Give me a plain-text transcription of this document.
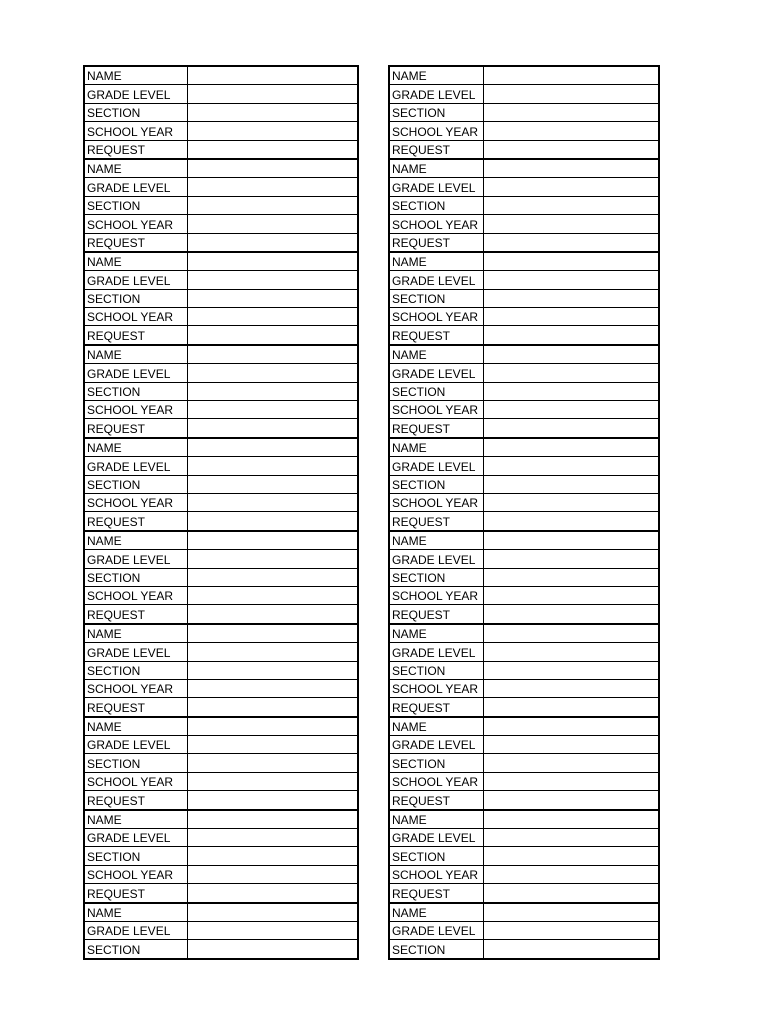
NAME	
GRADE LEVEL	
SECTION	
SCHOOL YEAR	
REQUEST	
NAME	
GRADE LEVEL	
SECTION	
SCHOOL YEAR	
REQUEST	
NAME	
GRADE LEVEL	
SECTION	
SCHOOL YEAR	
REQUEST	
NAME	
GRADE LEVEL	
SECTION	
SCHOOL YEAR	
REQUEST	
NAME	
GRADE LEVEL	
SECTION	
SCHOOL YEAR	
REQUEST	
NAME	
GRADE LEVEL	
SECTION	
SCHOOL YEAR	
REQUEST	
NAME	
GRADE LEVEL	
SECTION	
SCHOOL YEAR	
REQUEST	
NAME	
GRADE LEVEL	
SECTION	
SCHOOL YEAR	
REQUEST	
NAME	
GRADE LEVEL	
SECTION	
SCHOOL YEAR	
REQUEST	
NAME	
GRADE LEVEL	
SECTION	
NAME	
GRADE LEVEL	
SECTION	
SCHOOL YEAR	
REQUEST	
NAME	
GRADE LEVEL	
SECTION	
SCHOOL YEAR	
REQUEST	
NAME	
GRADE LEVEL	
SECTION	
SCHOOL YEAR	
REQUEST	
NAME	
GRADE LEVEL	
SECTION	
SCHOOL YEAR	
REQUEST	
NAME	
GRADE LEVEL	
SECTION	
SCHOOL YEAR	
REQUEST	
NAME	
GRADE LEVEL	
SECTION	
SCHOOL YEAR	
REQUEST	
NAME	
GRADE LEVEL	
SECTION	
SCHOOL YEAR	
REQUEST	
NAME	
GRADE LEVEL	
SECTION	
SCHOOL YEAR	
REQUEST	
NAME	
GRADE LEVEL	
SECTION	
SCHOOL YEAR	
REQUEST	
NAME	
GRADE LEVEL	
SECTION	
